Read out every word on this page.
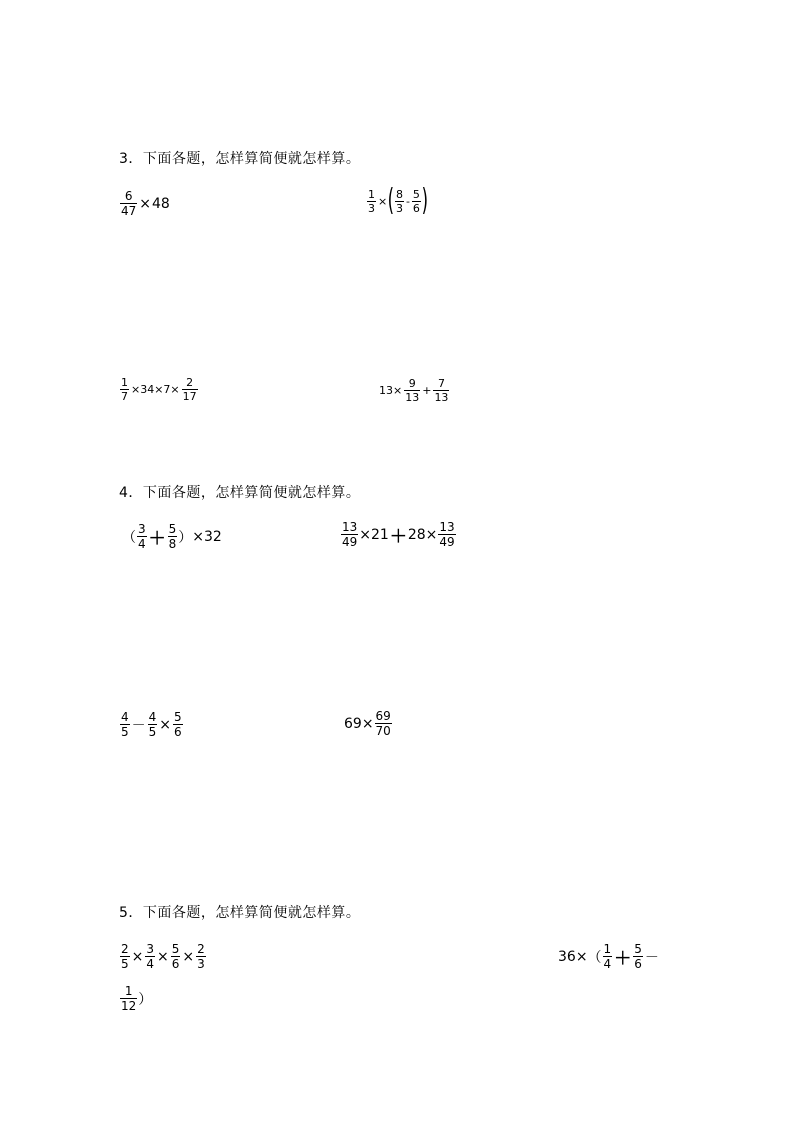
3．下面各题，怎样算简便就怎样算。
$\frac{6}{47} \times 48$	$\frac{1}{3}$ × ( $\frac{8}{3} - \frac{5}{6}$ )
$\frac{1}{7} \times 34\times 7\times \frac{2}{17}$	$13\times \frac{9}{13} + \frac{7}{13}$
4．下面各题，怎样算简便就怎样算。
（ $\frac{3}{4} + \frac{5}{8}$ ） ×32	$\frac{13}{49} \times 21 + 28\times \frac{13}{49}$
$\frac{4}{5} - \frac{4}{5} \times \frac{5}{6}$	$69\times \frac{69}{70}$
5．下面各题，怎样算简便就怎样算。
$\frac{2}{5} \times \frac{3}{4} \times \frac{5}{6} \times \frac{2}{3}$	36× （ $\frac{1}{4} + \frac{5}{6}$ －
$\frac{1}{12}$ ）
